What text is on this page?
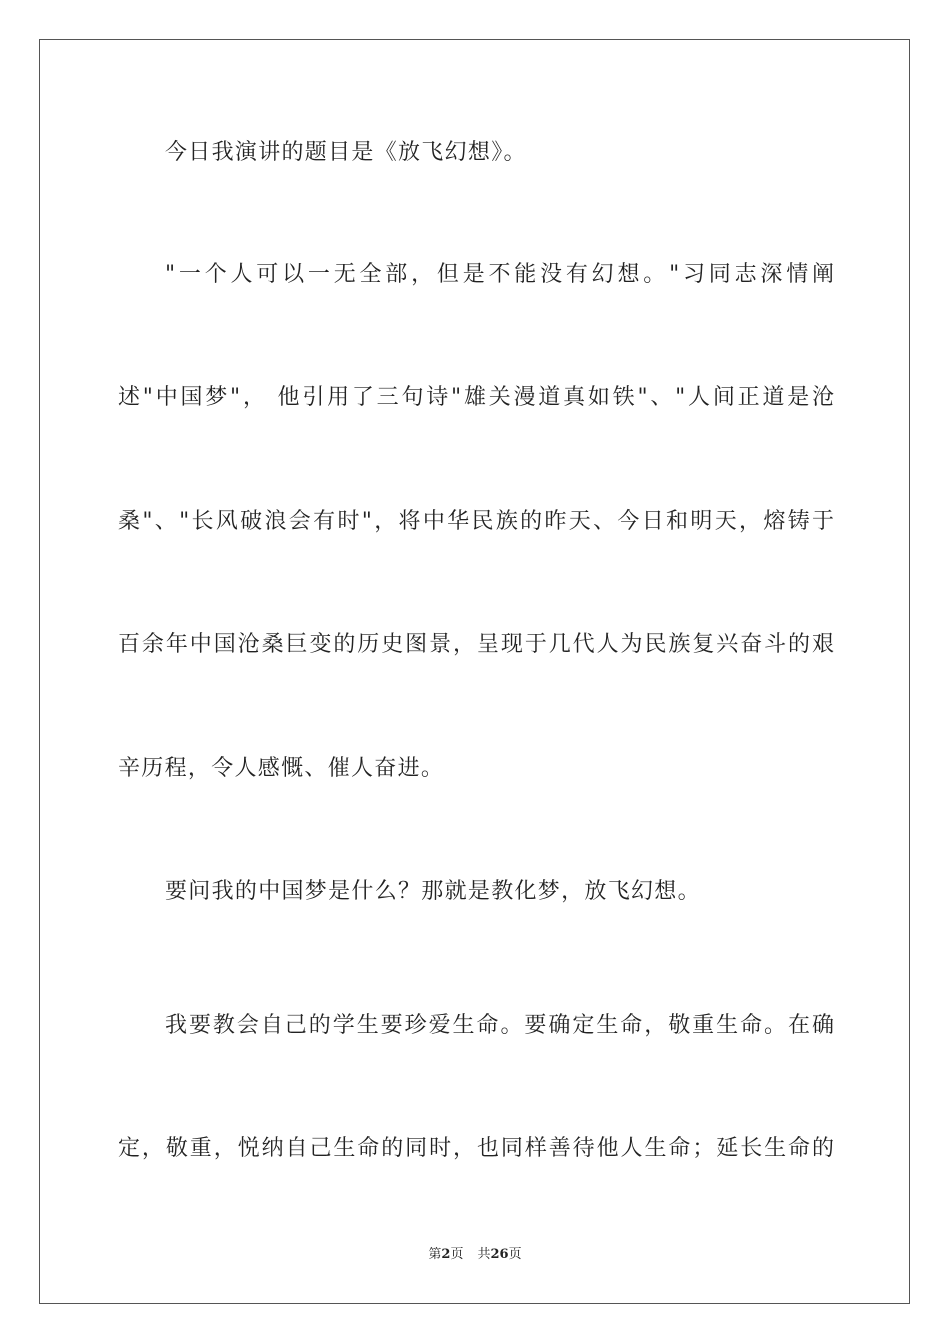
今日我演讲的题目是《放飞幻想》。
"一个人可以一无全部，但是不能没有幻想。"习同志深情阐
述"中国梦"， 他引用了三句诗"雄关漫道真如铁"、"人间正道是沧
桑"、"长风破浪会有时"，将中华民族的昨天、今日和明天，熔铸于
百余年中国沧桑巨变的历史图景，呈现于几代人为民族复兴奋斗的艰
辛历程，令人感慨、催人奋进。
要问我的中国梦是什么？那就是教化梦，放飞幻想。
我要教会自己的学生要珍爱生命。要确定生命，敬重生命。在确
定，敬重，悦纳自己生命的同时，也同样善待他人生命；延长生命的
第2页 共26页
